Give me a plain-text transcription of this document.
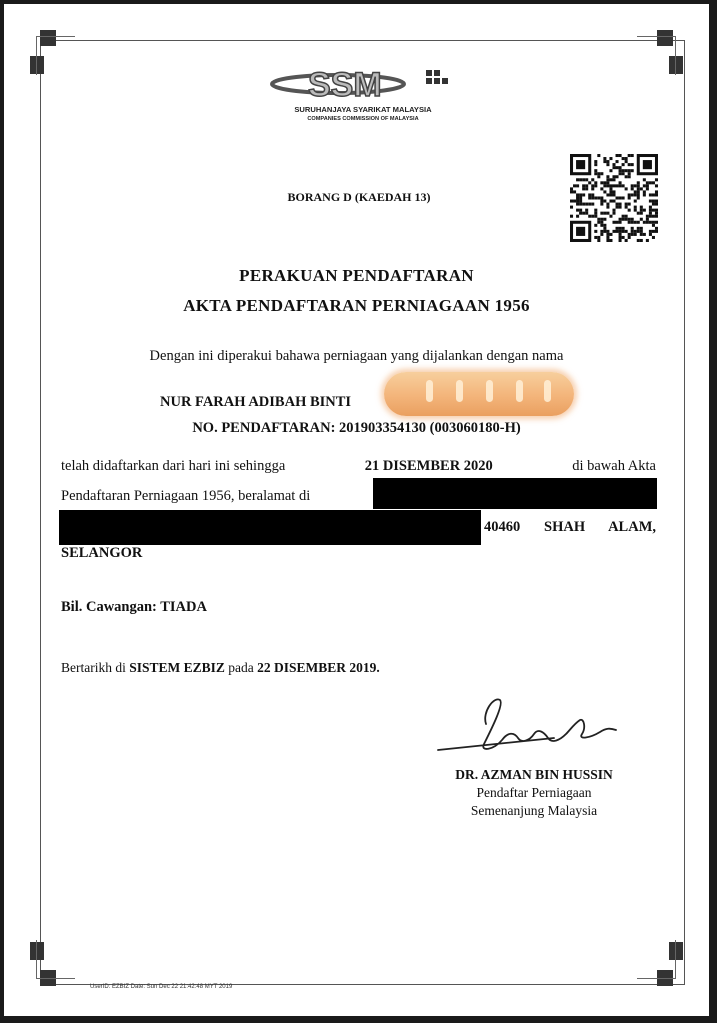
SSM
SURUHANJAYA SYARIKAT MALAYSIA
COMPANIES COMMISSION OF MALAYSIA
BORANG D (KAEDAH 13)
PERAKUAN PENDAFTARAN
AKTA PENDAFTARAN PERNIAGAAN 1956
Dengan ini diperakui bahawa perniagaan yang dijalankan dengan nama
NUR FARAH ADIBAH BINTI
NO. PENDAFTARAN: 201903354130 (003060180-H)
telah didaftarkan dari hari ini sehingga	21 DISEMBER 2020	di bawah Akta
Pendaftaran Perniagaan 1956, beralamat di
40460 SHAH ALAM,
SELANGOR
Bil. Cawangan: TIADA
Bertarikh di SISTEM EZBIZ pada 22 DISEMBER 2019.
DR. AZMAN BIN HUSSIN
Pendaftar Perniagaan
Semenanjung Malaysia
UserID: EZBIZ Date: Sun Dec 22 21:42:48 MYT 2019
